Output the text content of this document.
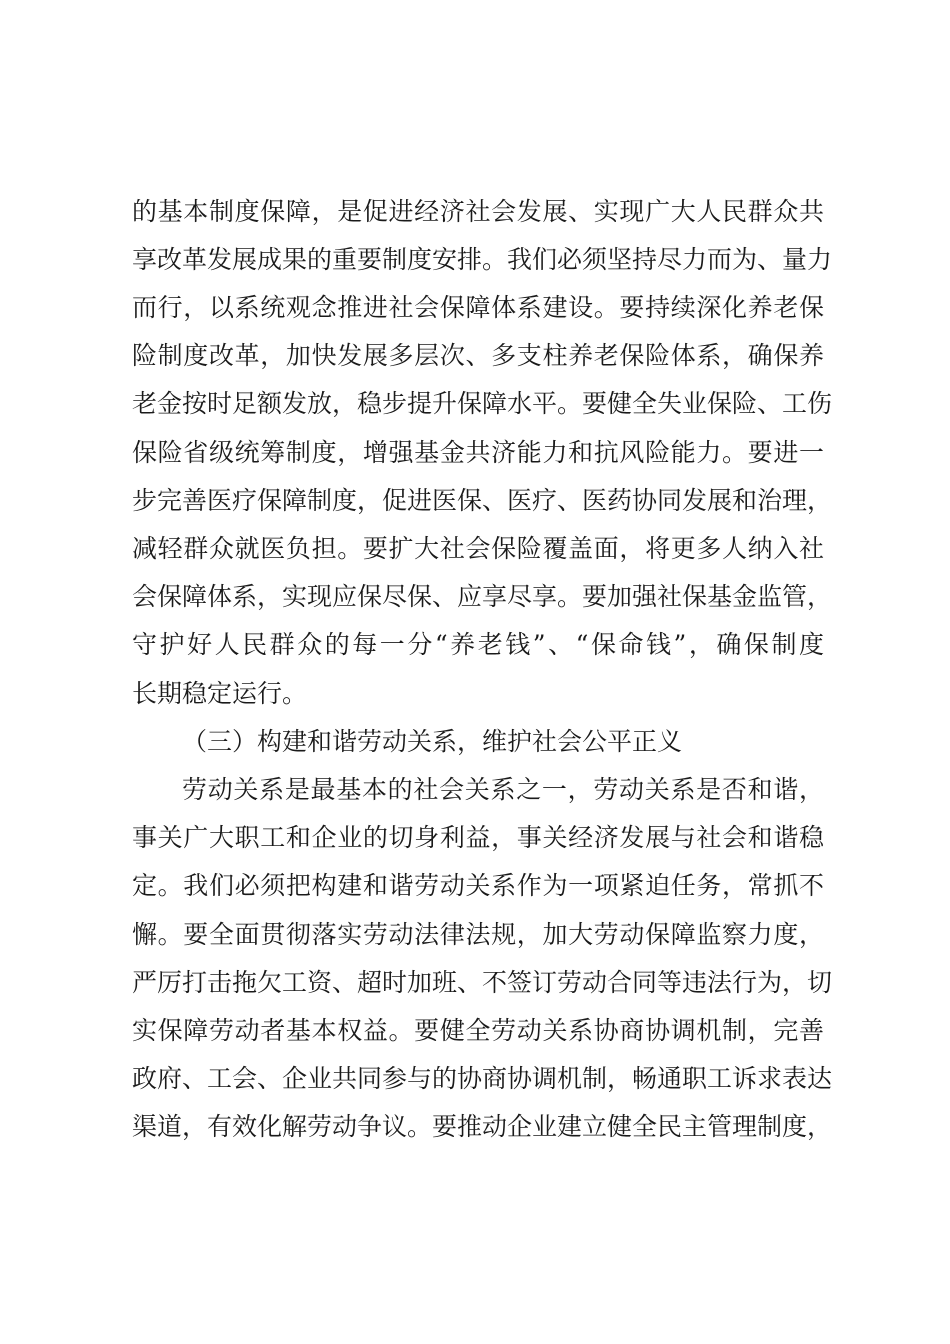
的基本制度保障，是促进经济社会发展、实现广大人民群众共
享改革发展成果的重要制度安排。我们必须坚持尽力而为、量力
而行，以系统观念推进社会保障体系建设。要持续深化养老保
险制度改革，加快发展多层次、多支柱养老保险体系，确保养
老金按时足额发放，稳步提升保障水平。要健全失业保险、工伤
保险省级统筹制度，增强基金共济能力和抗风险能力。要进一
步完善医疗保障制度，促进医保、医疗、医药协同发展和治理，
减轻群众就医负担。要扩大社会保险覆盖面，将更多人纳入社
会保障体系，实现应保尽保、应享尽享。要加强社保基金监管，
守护好人民群众的每一分“养老钱”、“保命钱”，确保制度
长期稳定运行。
（三）构建和谐劳动关系，维护社会公平正义
劳动关系是最基本的社会关系之一，劳动关系是否和谐，
事关广大职工和企业的切身利益，事关经济发展与社会和谐稳
定。我们必须把构建和谐劳动关系作为一项紧迫任务，常抓不
懈。要全面贯彻落实劳动法律法规，加大劳动保障监察力度，
严厉打击拖欠工资、超时加班、不签订劳动合同等违法行为，切
实保障劳动者基本权益。要健全劳动关系协商协调机制，完善
政府、工会、企业共同参与的协商协调机制，畅通职工诉求表达
渠道，有效化解劳动争议。要推动企业建立健全民主管理制度，
